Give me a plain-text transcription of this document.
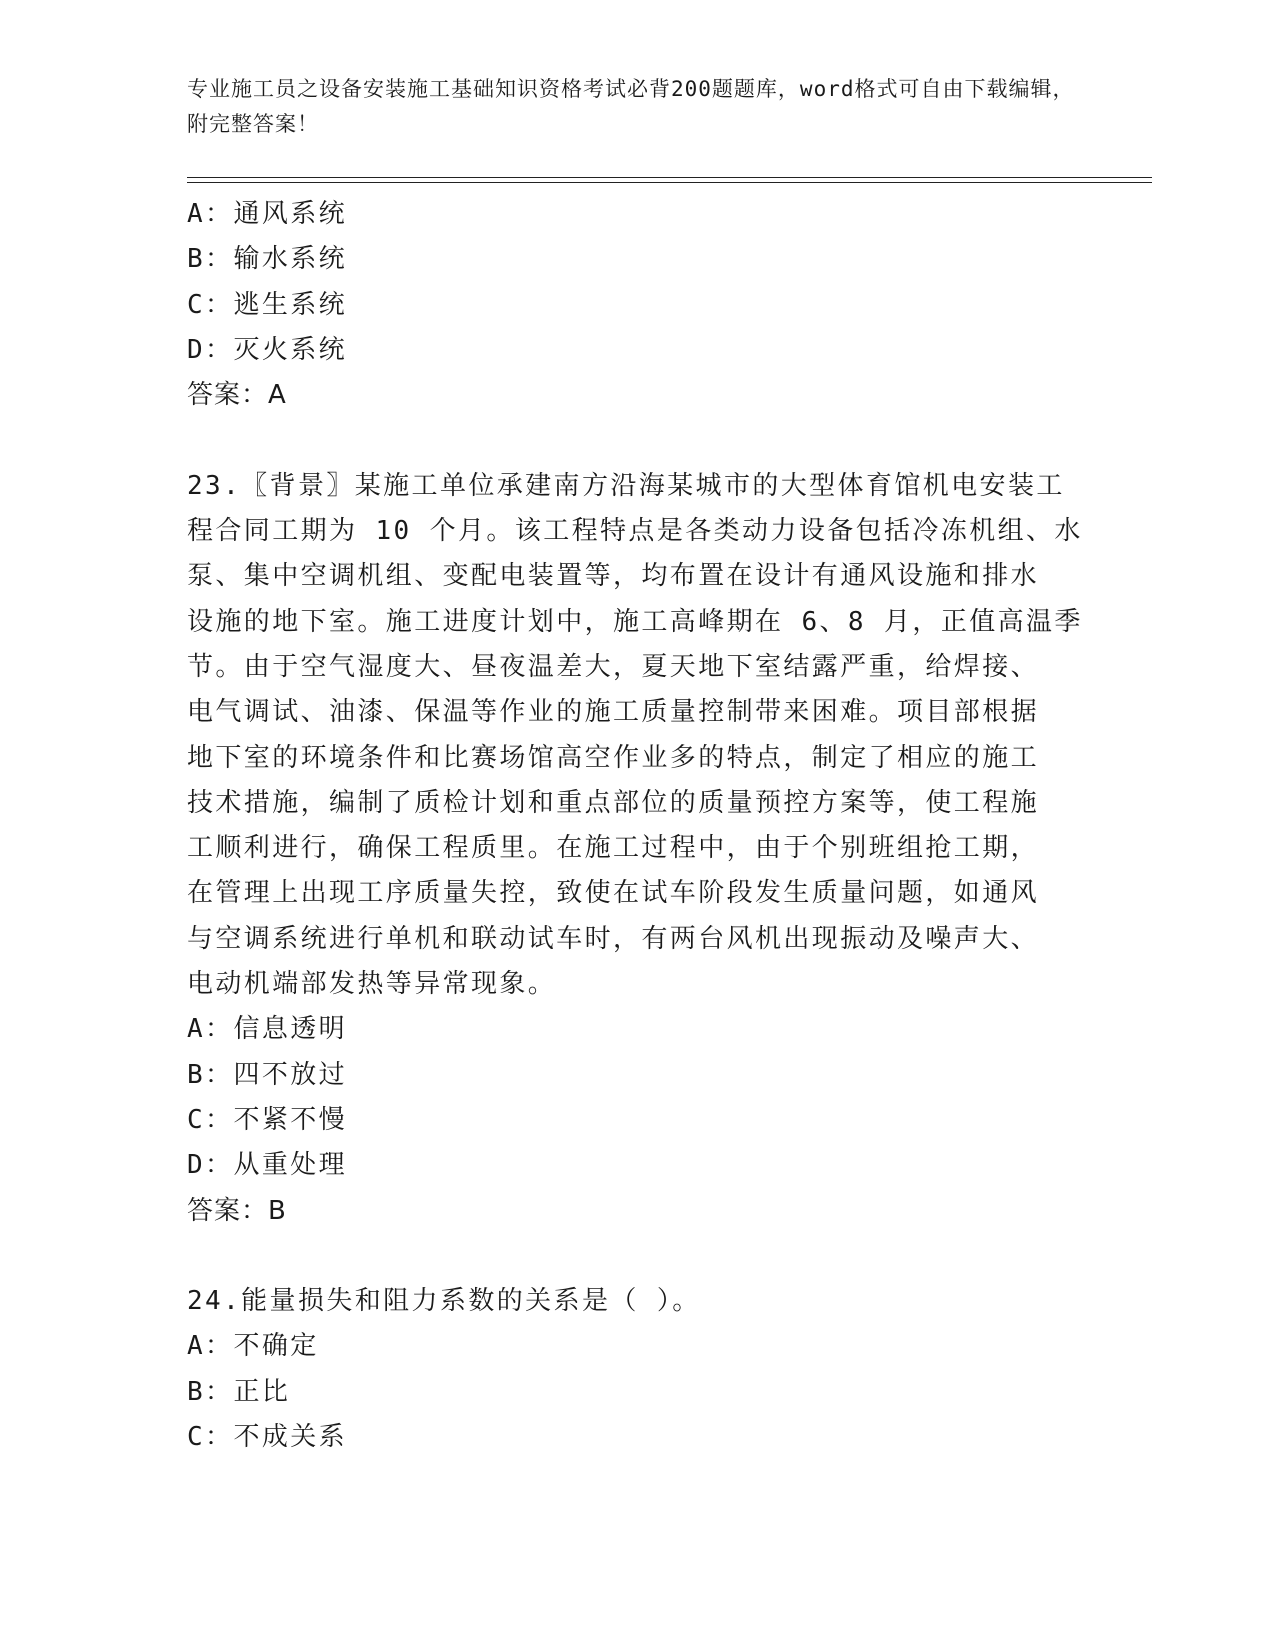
专业施工员之设备安装施工基础知识资格考试必背200题题库，word格式可自由下载编辑，附完整答案！
A：通风系统
B：输水系统
C：逃生系统
D：灭火系统
答案：A
23.〖背景〗某施工单位承建南方沿海某城市的大型体育馆机电安装工
程合同工期为 10 个月。该工程特点是各类动力设备包括冷冻机组、水
泵、集中空调机组、变配电装置等，均布置在设计有通风设施和排水
设施的地下室。施工进度计划中，施工高峰期在 6、8 月，正值高温季
节。由于空气湿度大、昼夜温差大，夏天地下室结露严重，给焊接、
电气调试、油漆、保温等作业的施工质量控制带来困难。项目部根据
地下室的环境条件和比赛场馆高空作业多的特点，制定了相应的施工
技术措施，编制了质检计划和重点部位的质量预控方案等，使工程施
工顺利进行，确保工程质里。在施工过程中，由于个别班组抢工期，
在管理上出现工序质量失控，致使在试车阶段发生质量问题，如通风
与空调系统进行单机和联动试车时，有两台风机出现振动及噪声大、
电动机端部发热等异常现象。
A：信息透明
B：四不放过
C：不紧不慢
D：从重处理
答案：B
24.能量损失和阻力系数的关系是（ ）。
A：不确定
B：正比
C：不成关系
